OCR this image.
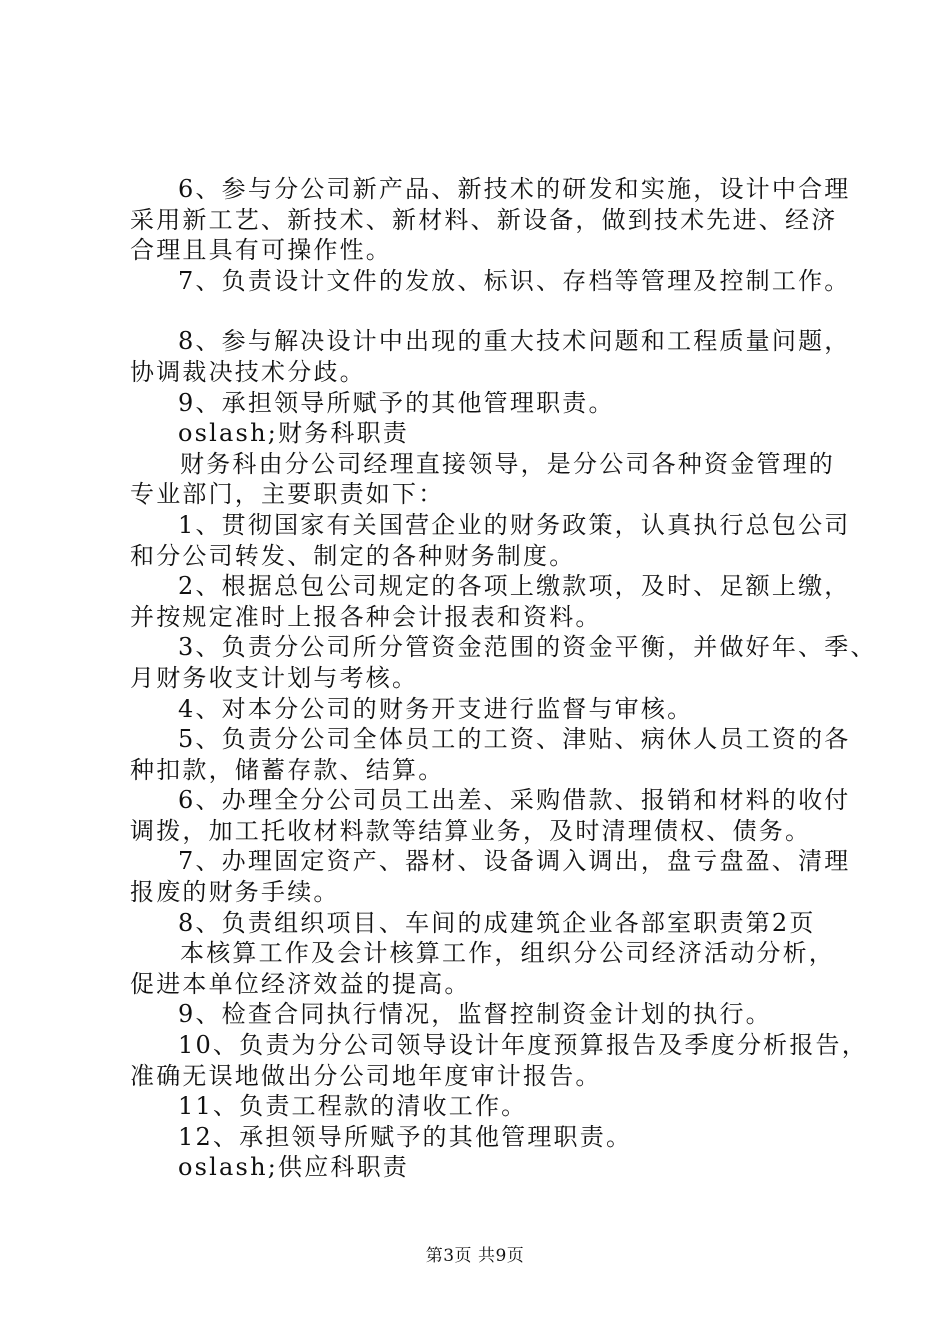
6、参与分公司新产品、新技术的研发和实施，设计中合理
采用新工艺、新技术、新材料、新设备，做到技术先进、经济
合理且具有可操作性。
7、负责设计文件的发放、标识、存档等管理及控制工作。
8、参与解决设计中出现的重大技术问题和工程质量问题，
协调裁决技术分歧。
9、承担领导所赋予的其他管理职责。
oslash;财务科职责
财务科由分公司经理直接领导，是分公司各种资金管理的
专业部门，主要职责如下：
1、贯彻国家有关国营企业的财务政策，认真执行总包公司
和分公司转发、制定的各种财务制度。
2、根据总包公司规定的各项上缴款项，及时、足额上缴，
并按规定准时上报各种会计报表和资料。
3、负责分公司所分管资金范围的资金平衡，并做好年、季、
月财务收支计划与考核。
4、对本分公司的财务开支进行监督与审核。
5、负责分公司全体员工的工资、津贴、病休人员工资的各
种扣款，储蓄存款、结算。
6、办理全分公司员工出差、采购借款、报销和材料的收付
调拨，加工托收材料款等结算业务，及时清理债权、债务。
7、办理固定资产、器材、设备调入调出，盘亏盘盈、清理
报废的财务手续。
8、负责组织项目、车间的成建筑企业各部室职责第2页
本核算工作及会计核算工作，组织分公司经济活动分析，
促进本单位经济效益的提高。
9、检查合同执行情况，监督控制资金计划的执行。
10、负责为分公司领导设计年度预算报告及季度分析报告，
准确无误地做出分公司地年度审计报告。
11、负责工程款的清收工作。
12、承担领导所赋予的其他管理职责。
oslash;供应科职责
第3页 共9页
